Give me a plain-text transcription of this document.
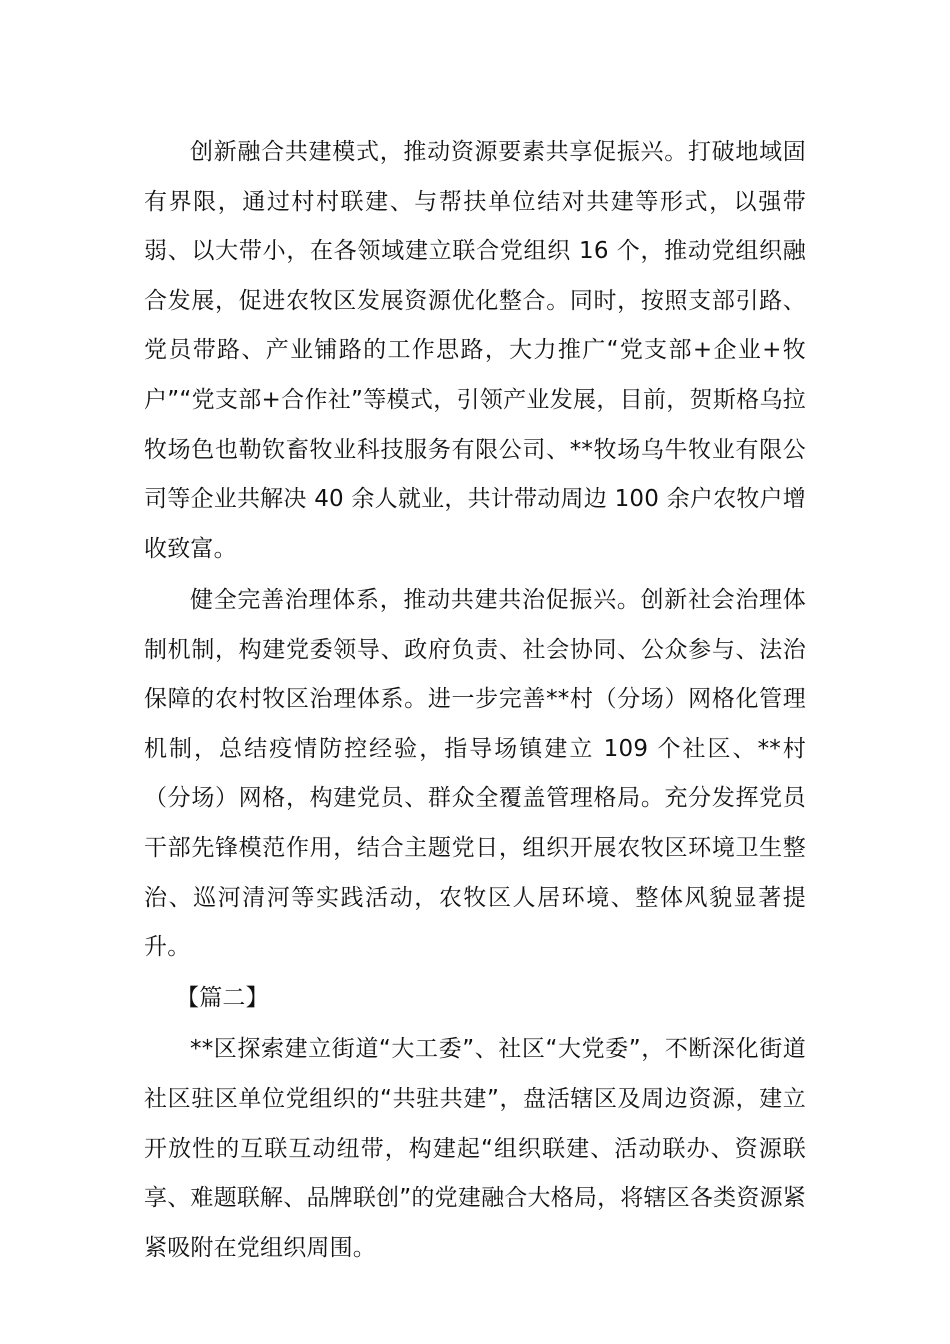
创新融合共建模式，推动资源要素共享促振兴。打破地域固有界限，通过村村联建、与帮扶单位结对共建等形式，以强带弱、以大带小，在各领域建立联合党组织 16 个，推动党组织融合发展，促进农牧区发展资源优化整合。同时，按照支部引路、党员带路、产业铺路的工作思路，大力推广“党支部+企业+牧户”“党支部+合作社”等模式，引领产业发展，目前，贺斯格乌拉牧场色也勒钦畜牧业科技服务有限公司、**牧场乌牛牧业有限公司等企业共解决 40 余人就业，共计带动周边 100 余户农牧户增收致富。

健全完善治理体系，推动共建共治促振兴。创新社会治理体制机制，构建党委领导、政府负责、社会协同、公众参与、法治保障的农村牧区治理体系。进一步完善**村（分场）网格化管理机制，总结疫情防控经验，指导场镇建立 109 个社区、**村（分场）网格，构建党员、群众全覆盖管理格局。充分发挥党员干部先锋模范作用，结合主题党日，组织开展农牧区环境卫生整治、巡河清河等实践活动，农牧区人居环境、整体风貌显著提升。

【篇二】

**区探索建立街道“大工委”、社区“大党委”，不断深化街道社区驻区单位党组织的“共驻共建”，盘活辖区及周边资源，建立开放性的互联互动纽带，构建起“组织联建、活动联办、资源联享、难题联解、品牌联创”的党建融合大格局，将辖区各类资源紧紧吸附在党组织周围。
